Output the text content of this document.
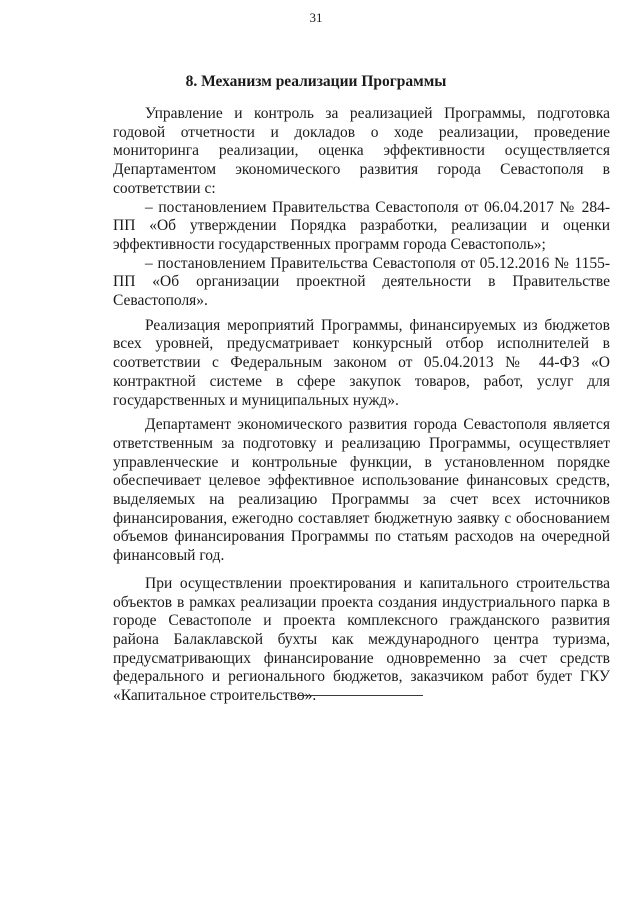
31
8. Механизм реализации Программы

Управление и контроль за реализацией Программы, подготовка годовой отчетности и докладов о ходе реализации, проведение мониторинга реализации, оценка эффективности осуществляется Департаментом экономического развития города Севастополя в соответствии с:

– постановлением Правительства Севастополя от 06.04.2017 № 284-ПП «Об утверждении Порядка разработки, реализации и оценки эффективности государственных программ города Севастополь»;

– постановлением Правительства Севастополя от 05.12.2016 № 1155-ПП «Об организации проектной деятельности в Правительстве Севастополя».

Реализация мероприятий Программы, финансируемых из бюджетов всех уровней, предусматривает конкурсный отбор исполнителей в соответствии с Федеральным законом от 05.04.2013 № 44-ФЗ «О контрактной системе в сфере закупок товаров, работ, услуг для государственных и муниципальных нужд».

Департамент экономического развития города Севастополя является ответственным за подготовку и реализацию Программы, осуществляет управленческие и контрольные функции, в установленном порядке обеспечивает целевое эффективное использование финансовых средств, выделяемых на реализацию Программы за счет всех источников финансирования, ежегодно составляет бюджетную заявку с обоснованием объемов финансирования Программы по статьям расходов на очередной финансовый год.

При осуществлении проектирования и капитального строительства объектов в рамках реализации проекта создания индустриального парка в городе Севастополе и проекта комплексного гражданского развития района Балаклавской бухты как международного центра туризма, предусматривающих финансирование одновременно за счет средств федерального и регионального бюджетов, заказчиком работ будет ГКУ «Капитальное строительство».
